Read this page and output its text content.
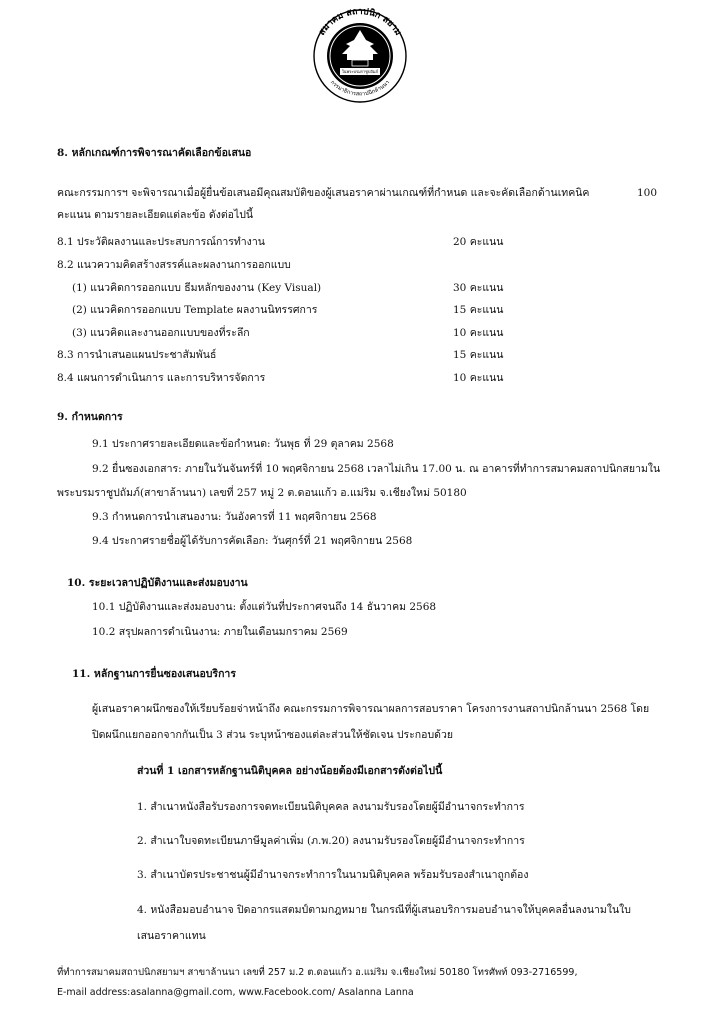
สมาคม สถาปนิก สยาม
กรรมาธิการสถาปนิกล้านนา
ในพระบรมราชูปถัมภ์
8. หลักเกณฑ์การพิจารณาคัดเลือกข้อเสนอ
คณะกรรมการฯ จะพิจารณาเมื่อผู้ยื่นข้อเสนอมีคุณสมบัติของผู้เสนอราคาผ่านเกณฑ์ที่กำหนด และจะคัดเลือกด้านเทคนิค	100
คะแนน ตามรายละเอียดแต่ละข้อ ดังต่อไปนี้
8.1 ประวัติผลงานและประสบการณ์การทำงาน	20 คะแนน
8.2 แนวความคิดสร้างสรรค์และผลงานการออกแบบ
(1) แนวคิดการออกแบบ ธีมหลักของงาน (Key Visual)	30 คะแนน
(2) แนวคิดการออกแบบ Template ผลงานนิทรรศการ	15 คะแนน
(3) แนวคิดและงานออกแบบของที่ระลึก	10 คะแนน
8.3 การนำเสนอแผนประชาสัมพันธ์	15 คะแนน
8.4 แผนการดำเนินการ และการบริหารจัดการ	10 คะแนน
9. กำหนดการ
9.1 ประกาศรายละเอียดและข้อกำหนด: วันพุธ ที่ 29 ตุลาคม 2568
9.2 ยื่นซองเอกสาร: ภายในวันจันทร์ที่ 10 พฤศจิกายน 2568 เวลาไม่เกิน 17.00 น. ณ อาคารที่ทำการสมาคมสถาปนิกสยามใน
พระบรมราชูปถัมภ์(สาขาล้านนา) เลขที่ 257 หมู่ 2 ต.ดอนแก้ว อ.แม่ริม จ.เชียงใหม่ 50180
9.3 กำหนดการนำเสนองาน: วันอังคารที่ 11 พฤศจิกายน 2568
9.4 ประกาศรายชื่อผู้ได้รับการคัดเลือก: วันศุกร์ที่ 21 พฤศจิกายน 2568
10. ระยะเวลาปฏิบัติงานและส่งมอบงาน
10.1 ปฏิบัติงานและส่งมอบงาน: ตั้งแต่วันที่ประกาศจนถึง 14 ธันวาคม 2568
10.2 สรุปผลการดำเนินงาน: ภายในเดือนมกราคม 2569
11. หลักฐานการยื่นซองเสนอบริการ
ผู้เสนอราคาผนึกซองให้เรียบร้อยจ่าหน้าถึง คณะกรรมการพิจารณาผลการสอบราคา โครงการงานสถาปนิกล้านนา 2568 โดย
ปิดผนึกแยกออกจากกันเป็น 3 ส่วน ระบุหน้าซองแต่ละส่วนให้ชัดเจน ประกอบด้วย
ส่วนที่ 1 เอกสารหลักฐานนิติบุคคล อย่างน้อยต้องมีเอกสารดังต่อไปนี้
1. สำเนาหนังสือรับรองการจดทะเบียนนิติบุคคล ลงนามรับรองโดยผู้มีอำนาจกระทำการ
2. สำเนาใบจดทะเบียนภาษีมูลค่าเพิ่ม (ภ.พ.20) ลงนามรับรองโดยผู้มีอำนาจกระทำการ
3. สำเนาบัตรประชาชนผู้มีอำนาจกระทำการในนามนิติบุคคล พร้อมรับรองสำเนาถูกต้อง
4. หนังสือมอบอำนาจ ปิดอากรแสตมป์ตามกฎหมาย ในกรณีที่ผู้เสนอบริการมอบอำนาจให้บุคคลอื่นลงนามในใบ
เสนอราคาแทน
ที่ทำการสมาคมสถาปนิกสยามฯ สาขาล้านนา เลขที่ 257 ม.2 ต.ดอนแก้ว อ.แม่ริม จ.เชียงใหม่ 50180 โทรศัพท์ 093-2716599,
E-mail address:asalanna@gmail.com, www.Facebook.com/ Asalanna Lanna
